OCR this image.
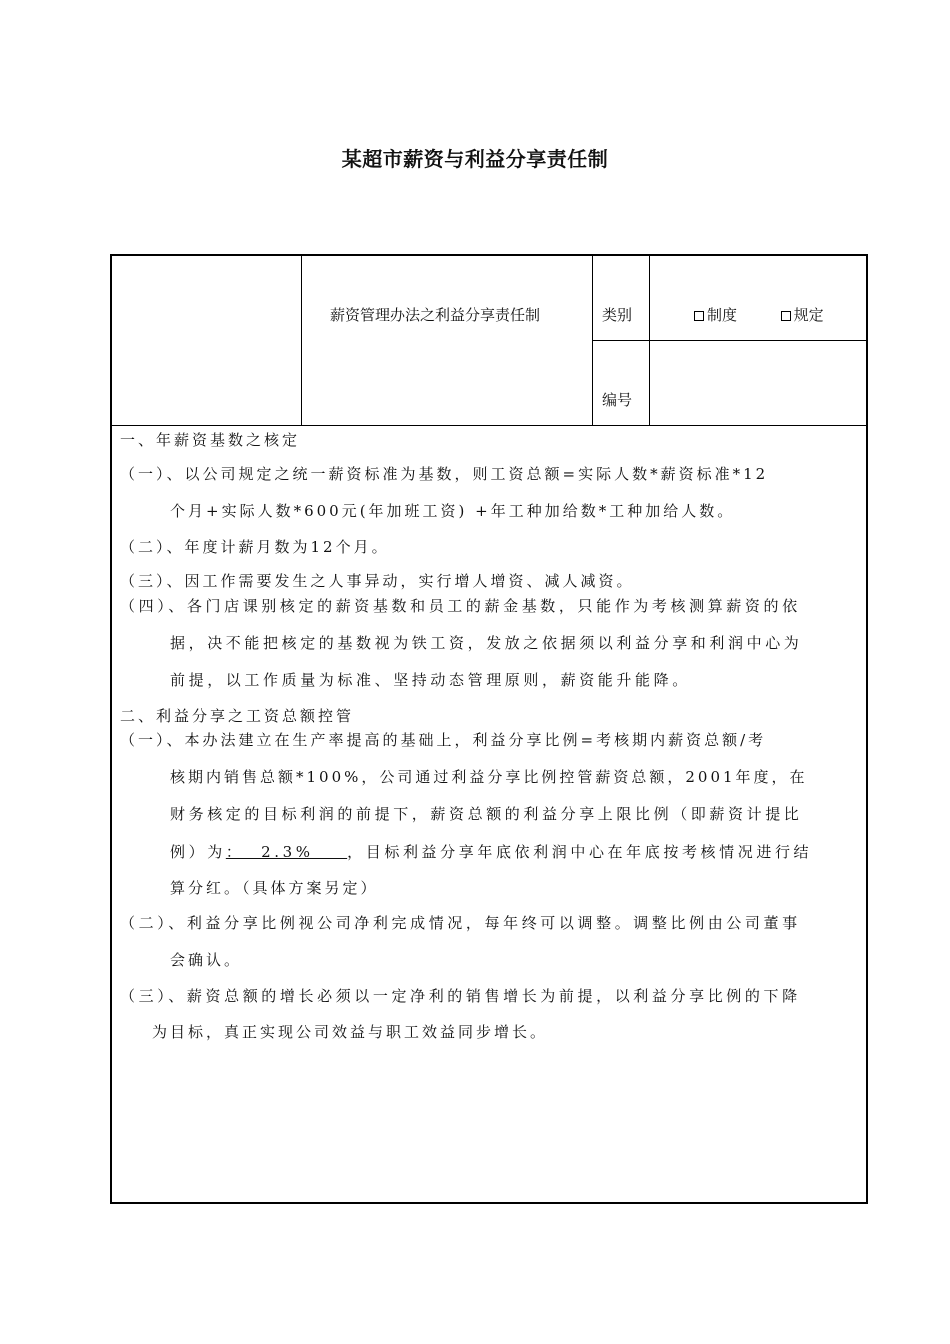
某超市薪资与利益分享责任制
薪资管理办法之利益分享责任制	类别	制度	规定
编号
一、年薪资基数之核定
（一）、以公司规定之统一薪资标准为基数，则工资总额=实际人数*薪资标准*12
个月+实际人数*600元(年加班工资) +年工种加给数*工种加给人数。
（二）、年度计薪月数为12个月。
（三）、因工作需要发生之人事异动，实行增人增资、减人减资。
（四）、各门店课别核定的薪资基数和员工的薪金基数，只能作为考核测算薪资的依
据，决不能把核定的基数视为铁工资，发放之依据须以利益分享和利润中心为
前提，以工作质量为标准、坚持动态管理原则，薪资能升能降。
二、利益分享之工资总额控管
（一）、本办法建立在生产率提高的基础上，利益分享比例=考核期内薪资总额/考
核期内销售总额*100%，公司通过利益分享比例控管薪资总额，2001年度，在
财务核定的目标利润的前提下，薪资总额的利益分享上限比例（即薪资计提比
例）为：  2.3%    ，目标利益分享年底依利润中心在年底按考核情况进行结
算分红。（具体方案另定）
（二）、利益分享比例视公司净利完成情况，每年终可以调整。调整比例由公司董事
会确认。
（三）、薪资总额的增长必须以一定净利的销售增长为前提，以利益分享比例的下降
为目标，真正实现公司效益与职工效益同步增长。
